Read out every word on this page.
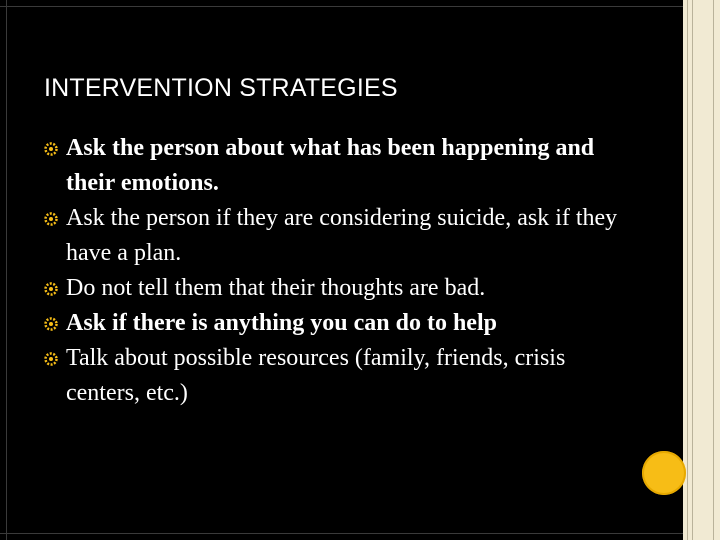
INTERVENTION STRATEGIES
Ask the person about what has been happening and their emotions.
Ask the person if they are considering suicide, ask if they have a plan.
Do not tell them that their thoughts are bad.
Ask if there is anything you can do to help
Talk about possible resources (family, friends, crisis centers, etc.)
